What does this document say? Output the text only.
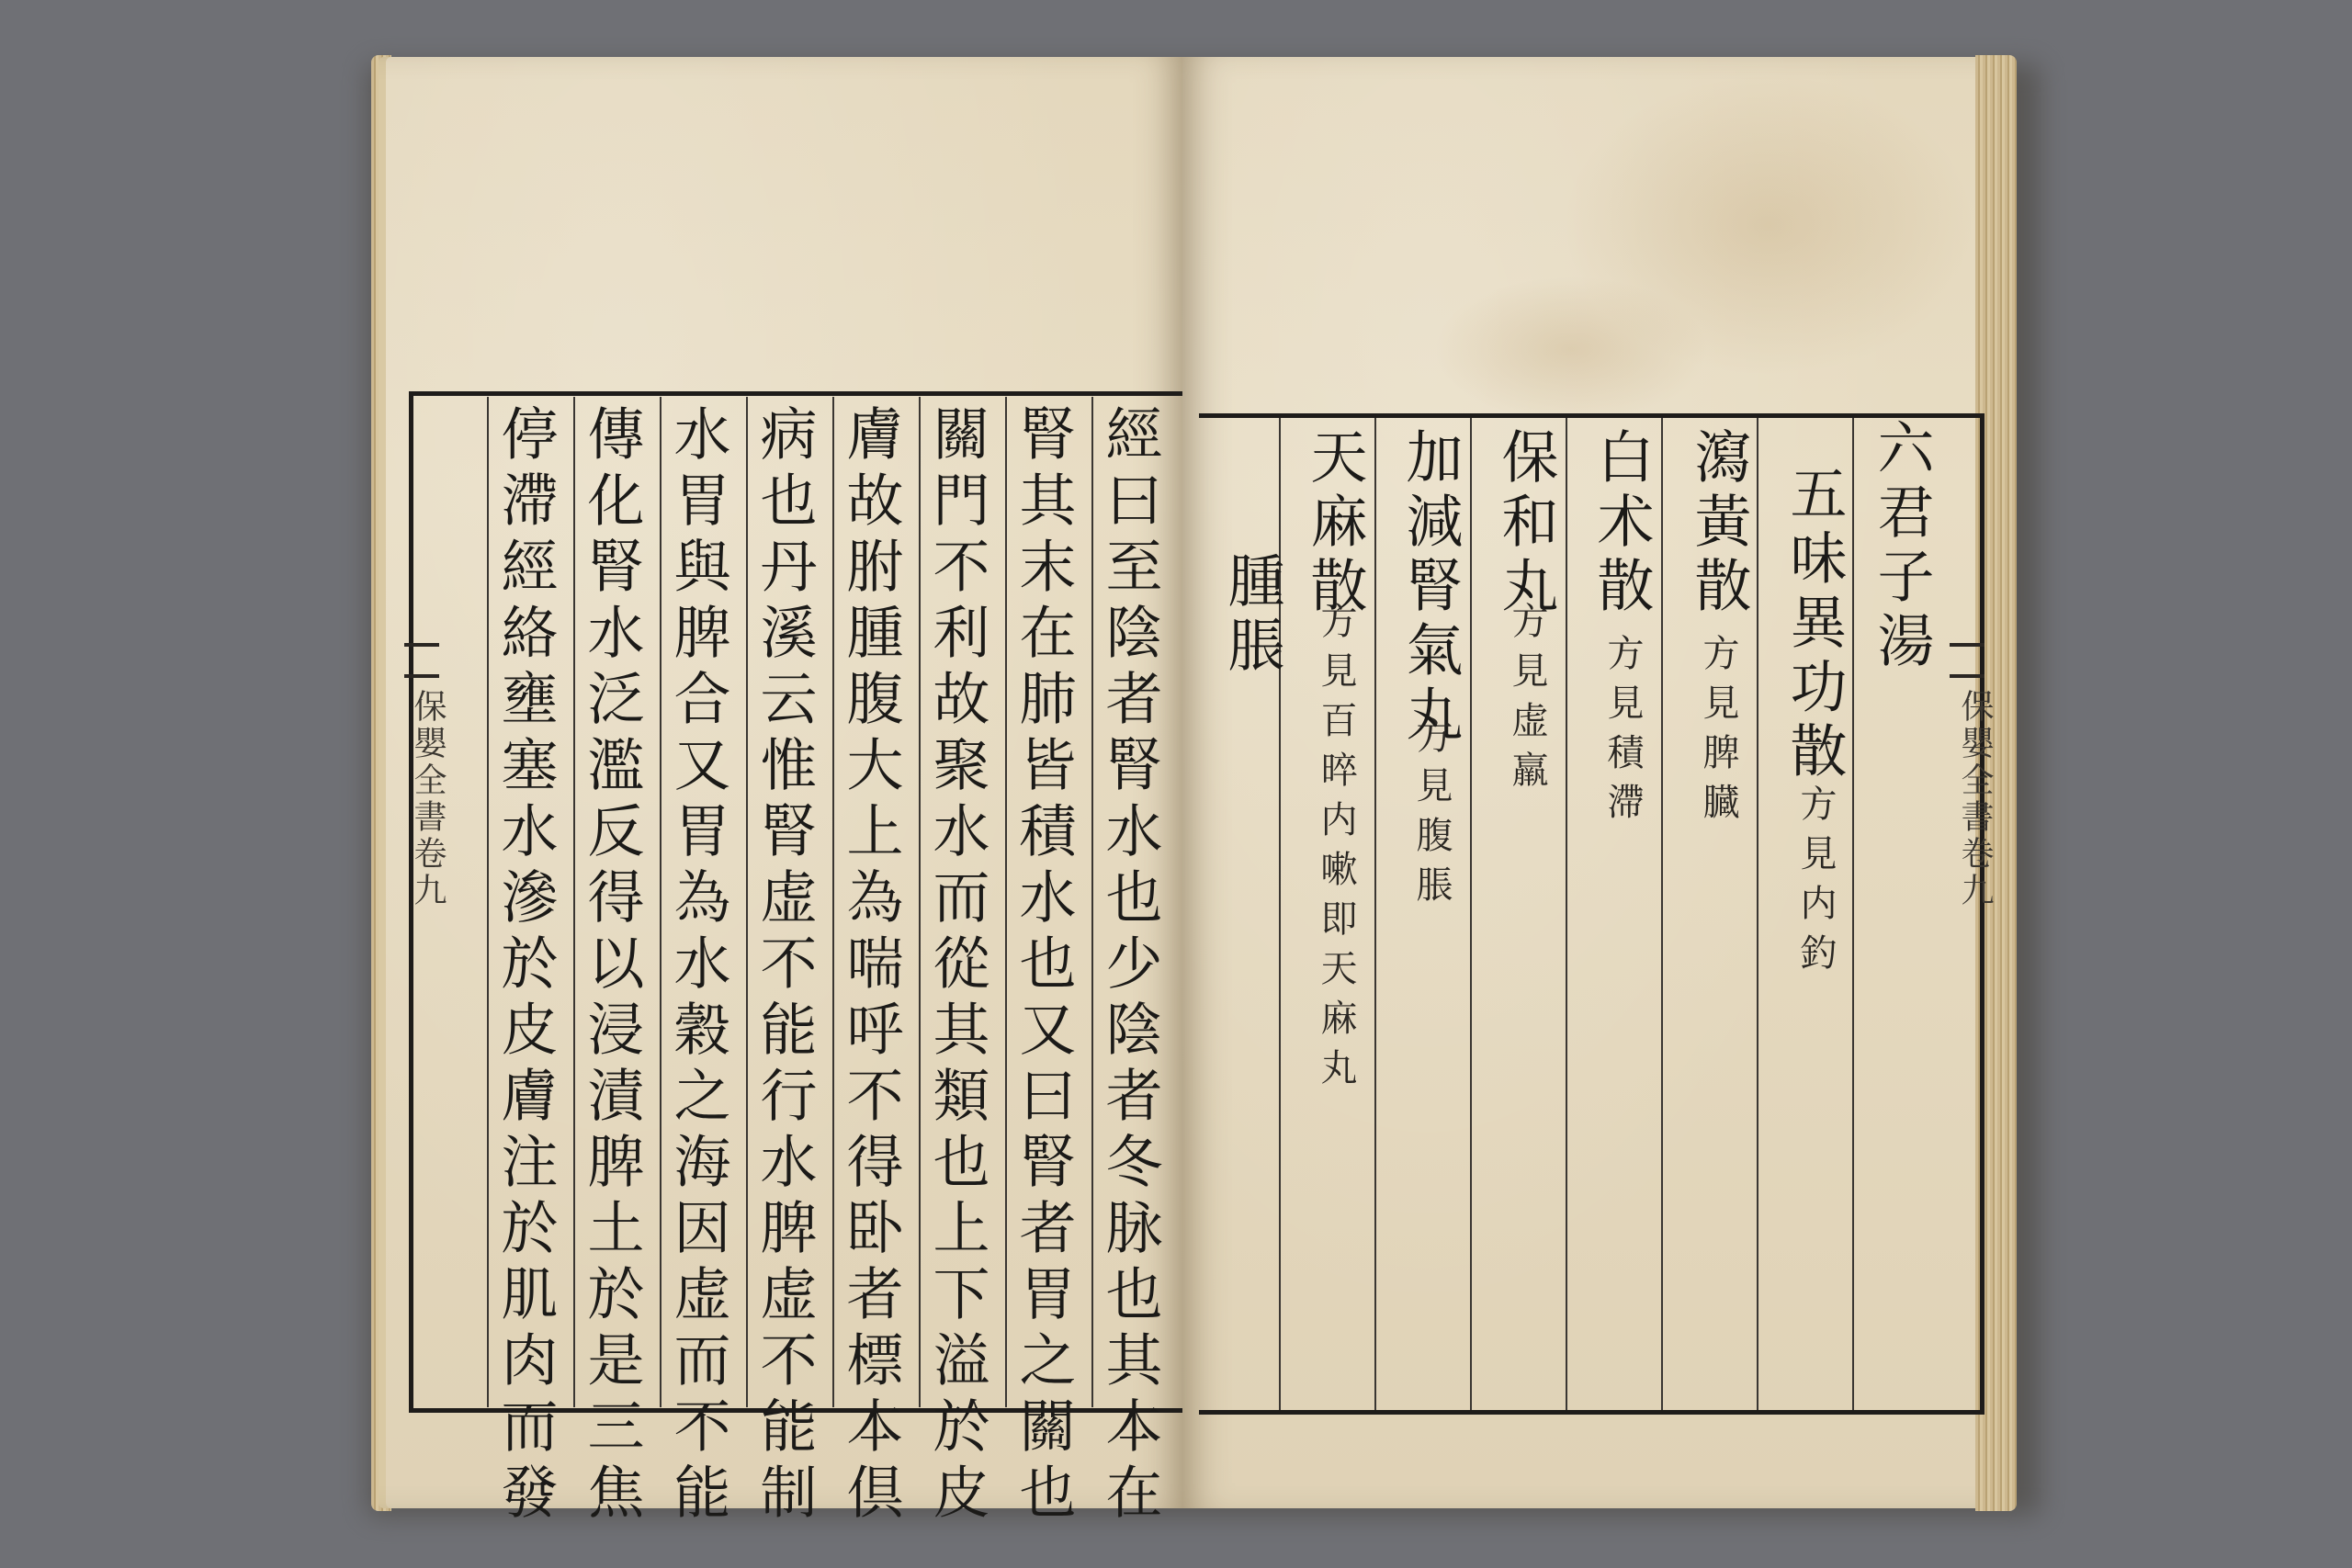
經曰至陰者腎水也少陰者冬脉也其本在
腎其末在肺皆積水也又曰腎者胃之關也
關門不利故聚水而從其類也上下溢於皮
膚故胕腫腹大上為喘呼不得卧者標本倶
病也丹溪云惟腎虚不能行水脾虚不能制
水胃與脾合又胃為水穀之海因虚而不能
傳化腎水泛濫反得以浸漬脾土於是三焦
停滯經絡壅塞水滲於皮膚注於肌肉而發
保嬰全書卷九
六君子湯
五味異功散
二方見内釣
瀉黃散
方見脾臓
白术散
方見積滯
保和丸
方見虚羸
加減腎氣丸
方見腹脹
天麻散
方見百晬内嗽即天麻丸
腫脹
保嬰全書卷九
